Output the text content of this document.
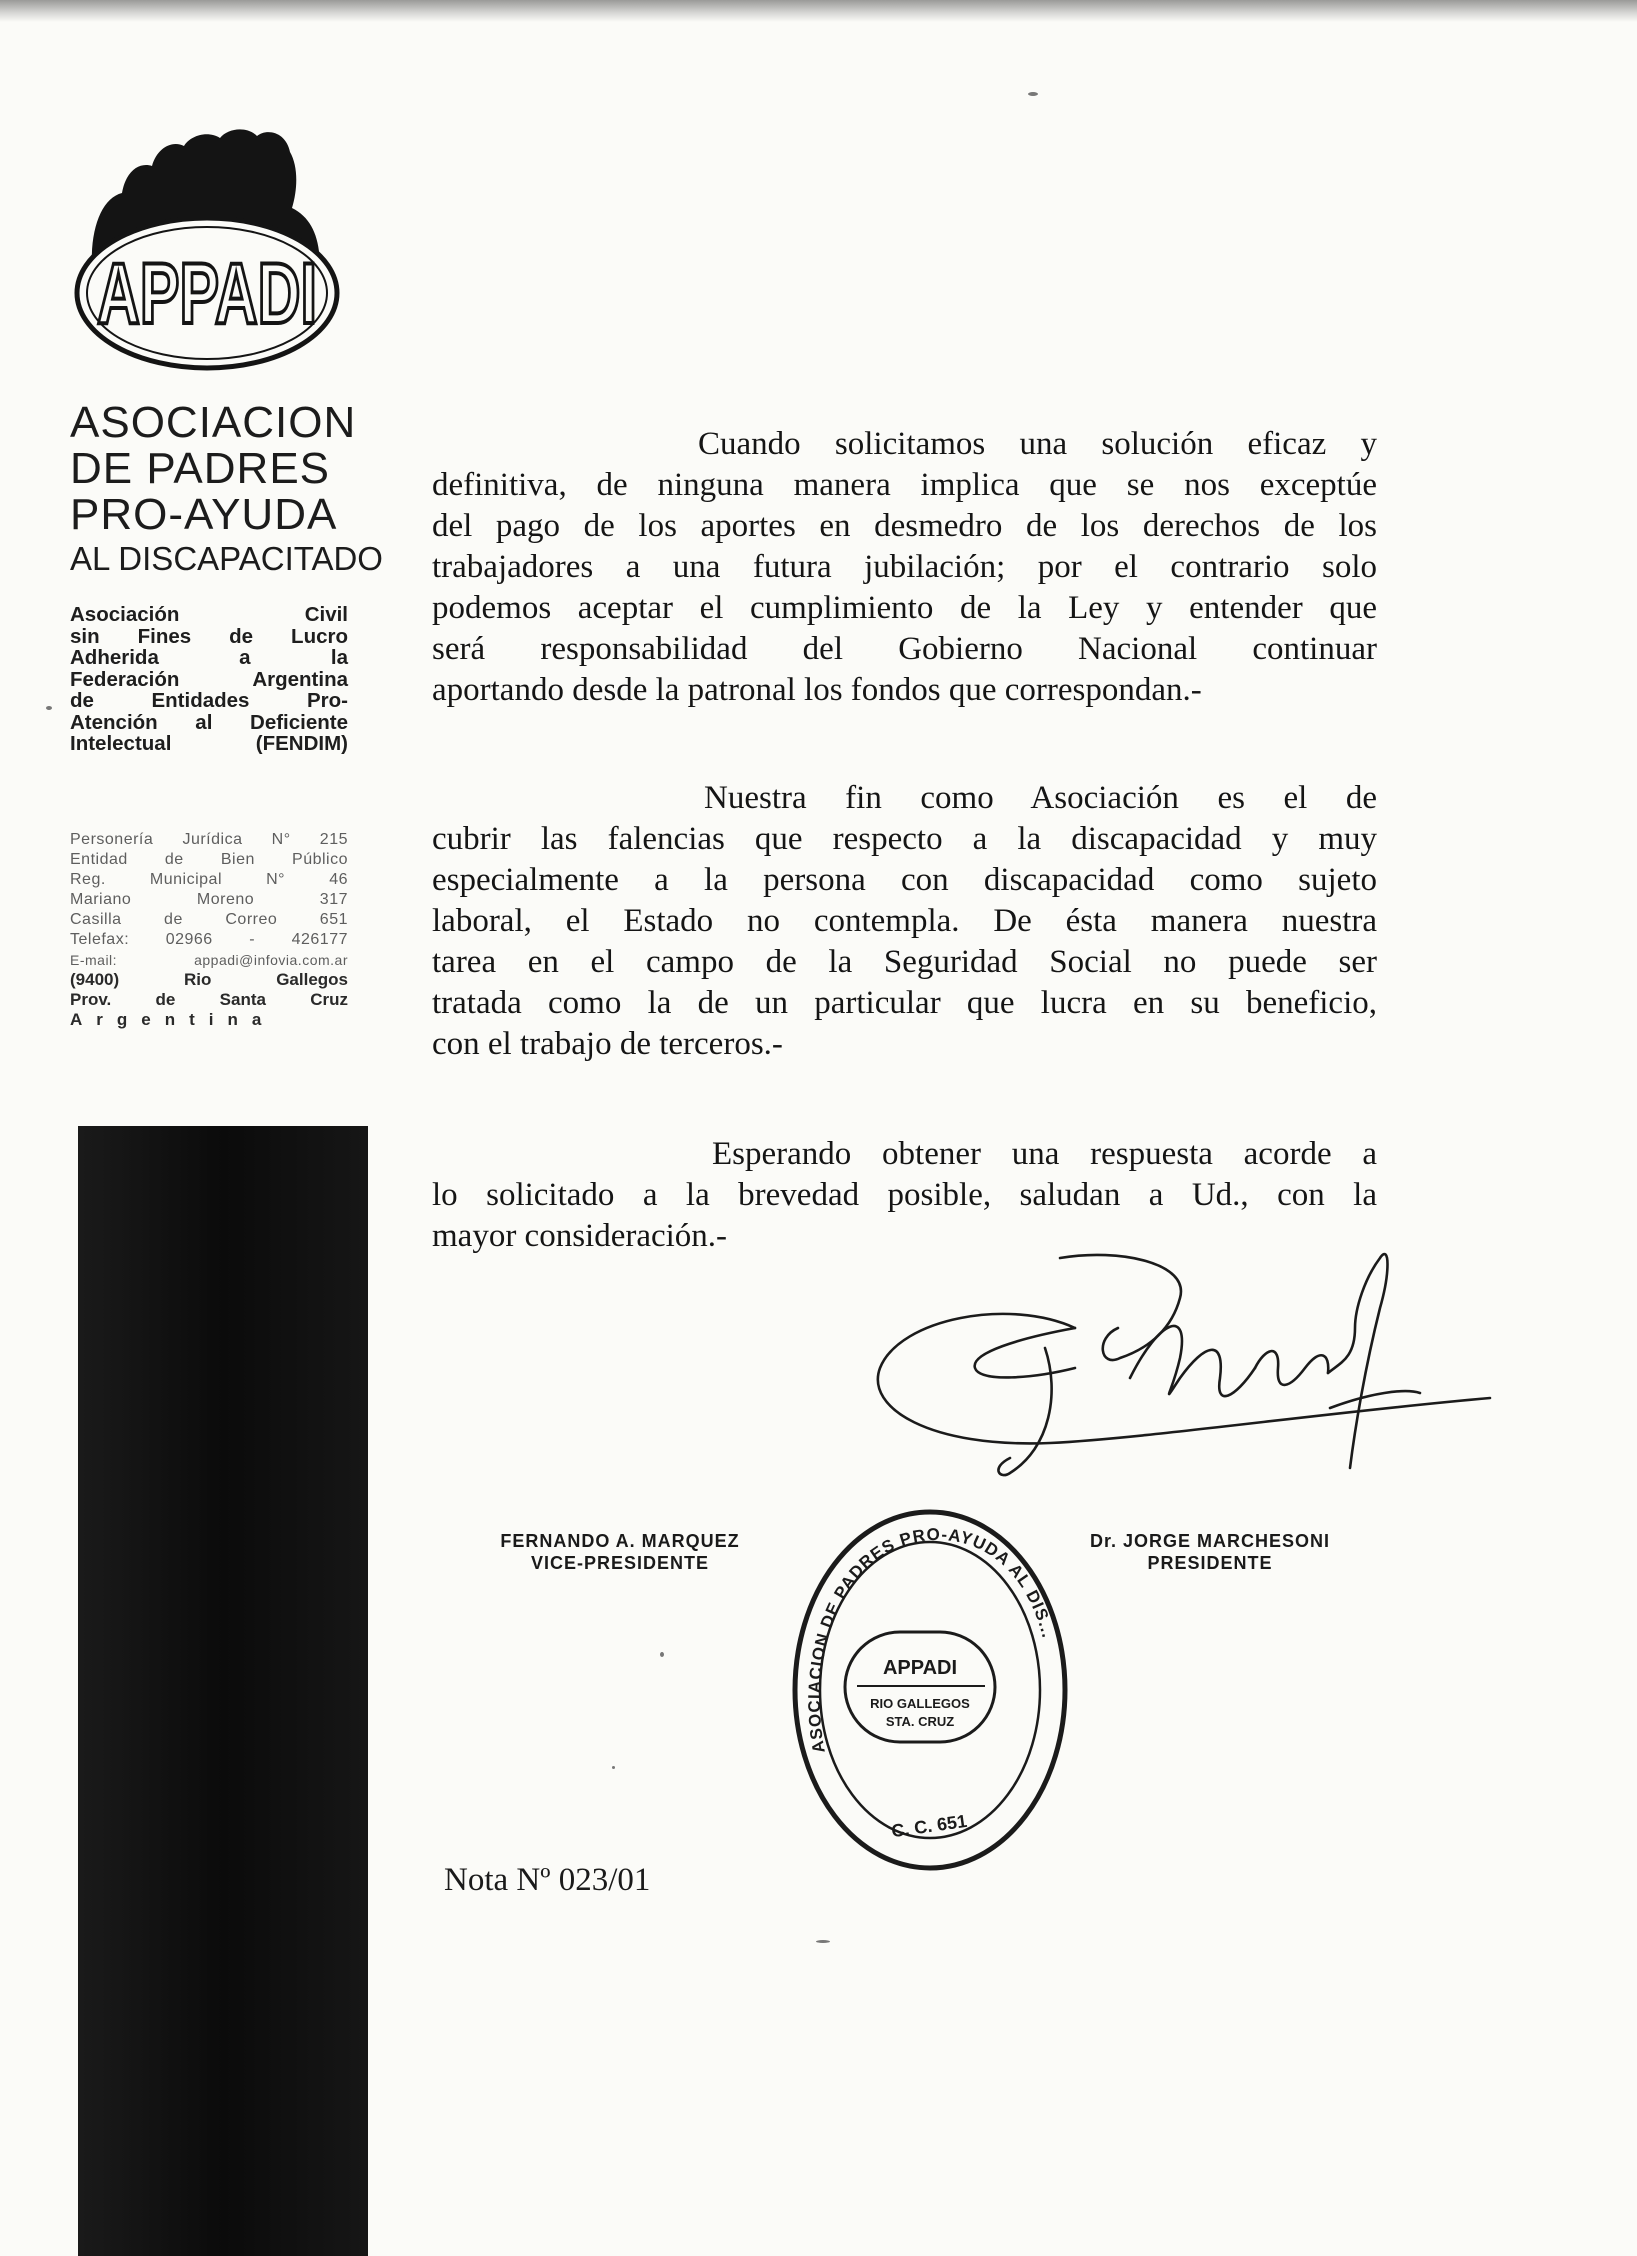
APPADI
ASOCIACION
DE PADRES
PRO-AYUDA
AL DISCAPACITADO
Asociación Civil
sin Fines de Lucro
Adherida a la
Federación Argentina
de Entidades Pro-
Atención al Deficiente
Intelectual (FENDIM)
Personería Jurídica N° 215
Entidad de Bien Público
Reg. Municipal N° 46
Mariano Moreno 317
Casilla de Correo 651
Telefax: 02966 - 426177
E-mail: appadi@infovia.com.ar
(9400) Rio Gallegos
Prov. de Santa Cruz
Argentina
Cuando solicitamos una solución eficaz y
definitiva, de ninguna manera implica que se nos exceptúe
del pago de los aportes en desmedro de los derechos de los
trabajadores a una futura jubilación; por el contrario solo
podemos aceptar el cumplimiento de la Ley y entender que
será responsabilidad del Gobierno Nacional continuar
aportando desde la patronal los fondos que correspondan.-
Nuestra fin como Asociación es el de
cubrir las falencias que respecto a la discapacidad y muy
especialmente a la persona con discapacidad como sujeto
laboral, el Estado no contempla. De ésta manera nuestra
tarea en el campo de la Seguridad Social no puede ser
tratada como la de un particular que lucra en su beneficio,
con el trabajo de terceros.-
Esperando obtener una respuesta acorde a
lo solicitado a la brevedad posible, saludan a Ud., con la
mayor consideración.-
FERNANDO A. MARQUEZ
VICE-PRESIDENTE
Dr. JORGE MARCHESONI
PRESIDENTE
ASOCIACION DE PADRES PRO-AYUDA AL DIS...
APPADI
RIO GALLEGOS
STA. CRUZ
C. C. 651
Nota Nº 023/01
